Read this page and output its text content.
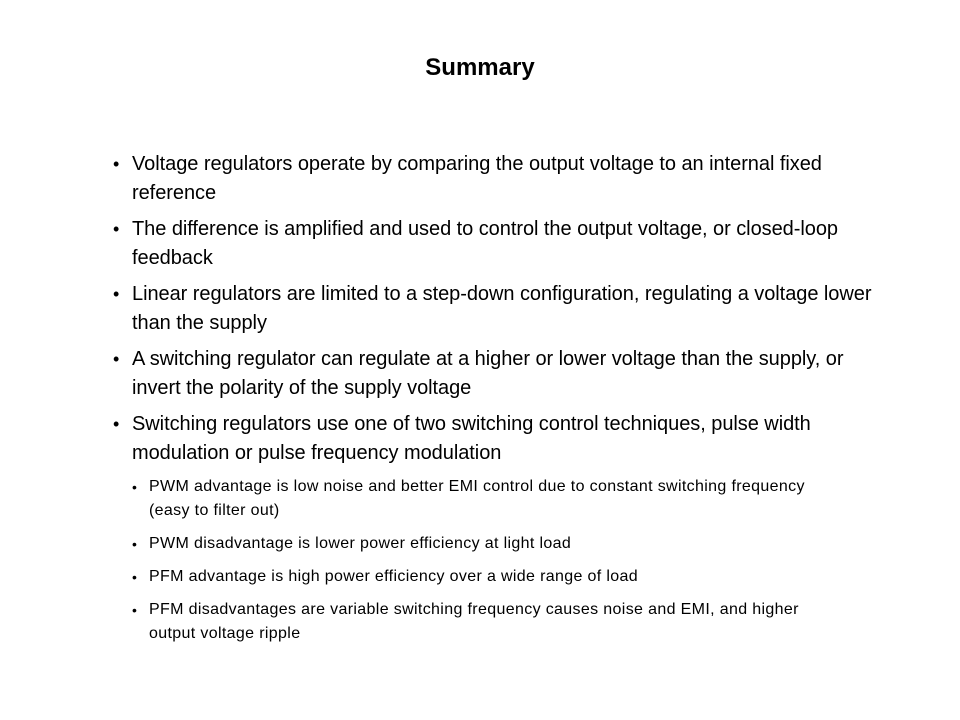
Summary
• Voltage regulators operate by comparing the output voltage to an internal fixed reference
• The difference is amplified and used to control the output voltage, or closed-loop feedback
• Linear regulators are limited to a step-down configuration, regulating a voltage lower than the supply
• A switching regulator can regulate at a higher or lower voltage than the supply, or invert the polarity of the supply voltage
• Switching regulators use one of two switching control techniques, pulse width modulation or pulse frequency modulation
• PWM advantage is low noise and better EMI control due to constant switching frequency (easy to filter out)
• PWM disadvantage is lower power efficiency at light load
• PFM advantage is high power efficiency over a wide range of load
• PFM disadvantages are variable switching frequency causes noise and EMI, and higher output voltage ripple
